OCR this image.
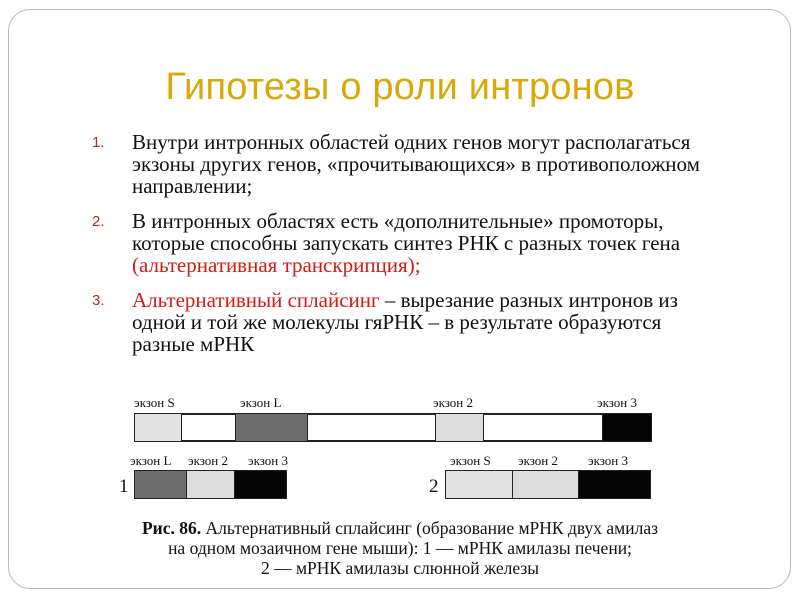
Гипотезы о роли интронов
1. Внутри интронных областей одних генов могут располагаться экзоны других генов, «прочитывающихся» в противоположном направлении;
2. В интронных областях есть «дополнительные» промоторы, которые способны запускать синтез РНК с разных точек гена (альтернативная транскрипция);
3. Альтернативный сплайсинг – вырезание разных интронов из одной и той же молекулы гяРНК – в результате образуются разные мРНК
экзон S	экзон L	экзон 2	экзон 3
1
экзон L экзон 2 экзон 3
2
экзон S экзон 2 экзон 3
Рис. 86. Альтернативный сплайсинг (образование мРНК двух амилаз
на одном мозаичном гене мыши): 1 — мРНК амилазы печени;
2 — мРНК амилазы слюнной железы
